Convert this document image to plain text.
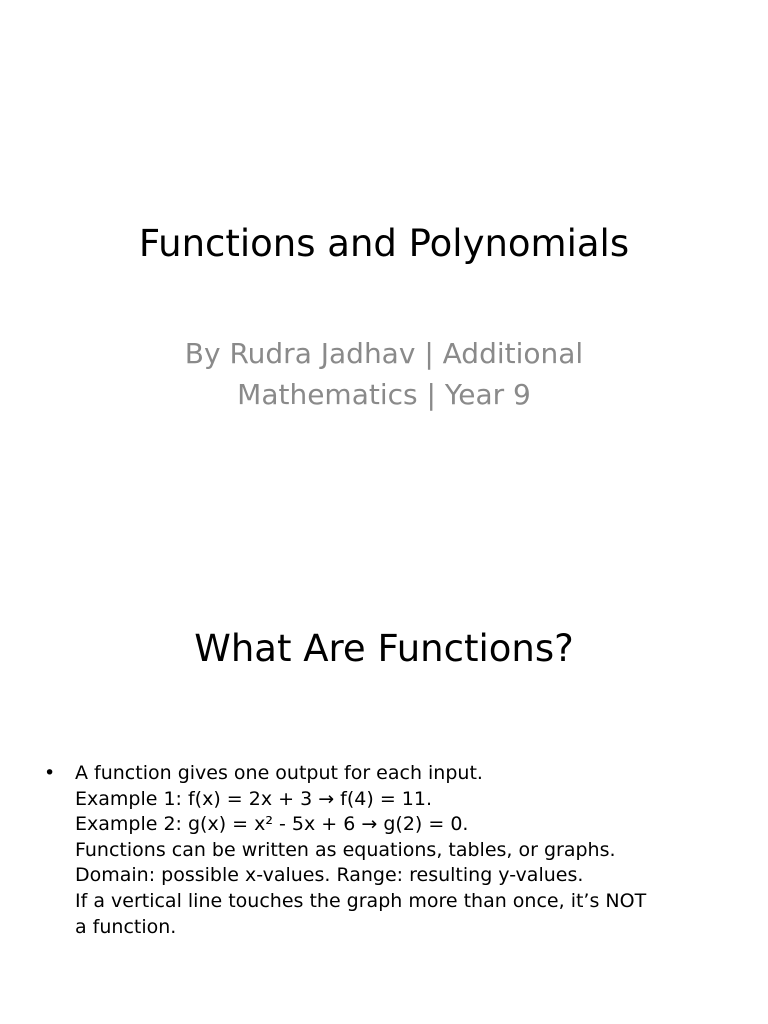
Functions and Polynomials
By Rudra Jadhav | Additional
Mathematics | Year 9
What Are Functions?
•	A function gives one output for each input.
Example 1: f(x) = 2x + 3 → f(4) = 11.
Example 2: g(x) = x² - 5x + 6 → g(2) = 0.
Functions can be written as equations, tables, or graphs.
Domain: possible x-values. Range: resulting y-values.
If a vertical line touches the graph more than once, it’s NOT
a function.
